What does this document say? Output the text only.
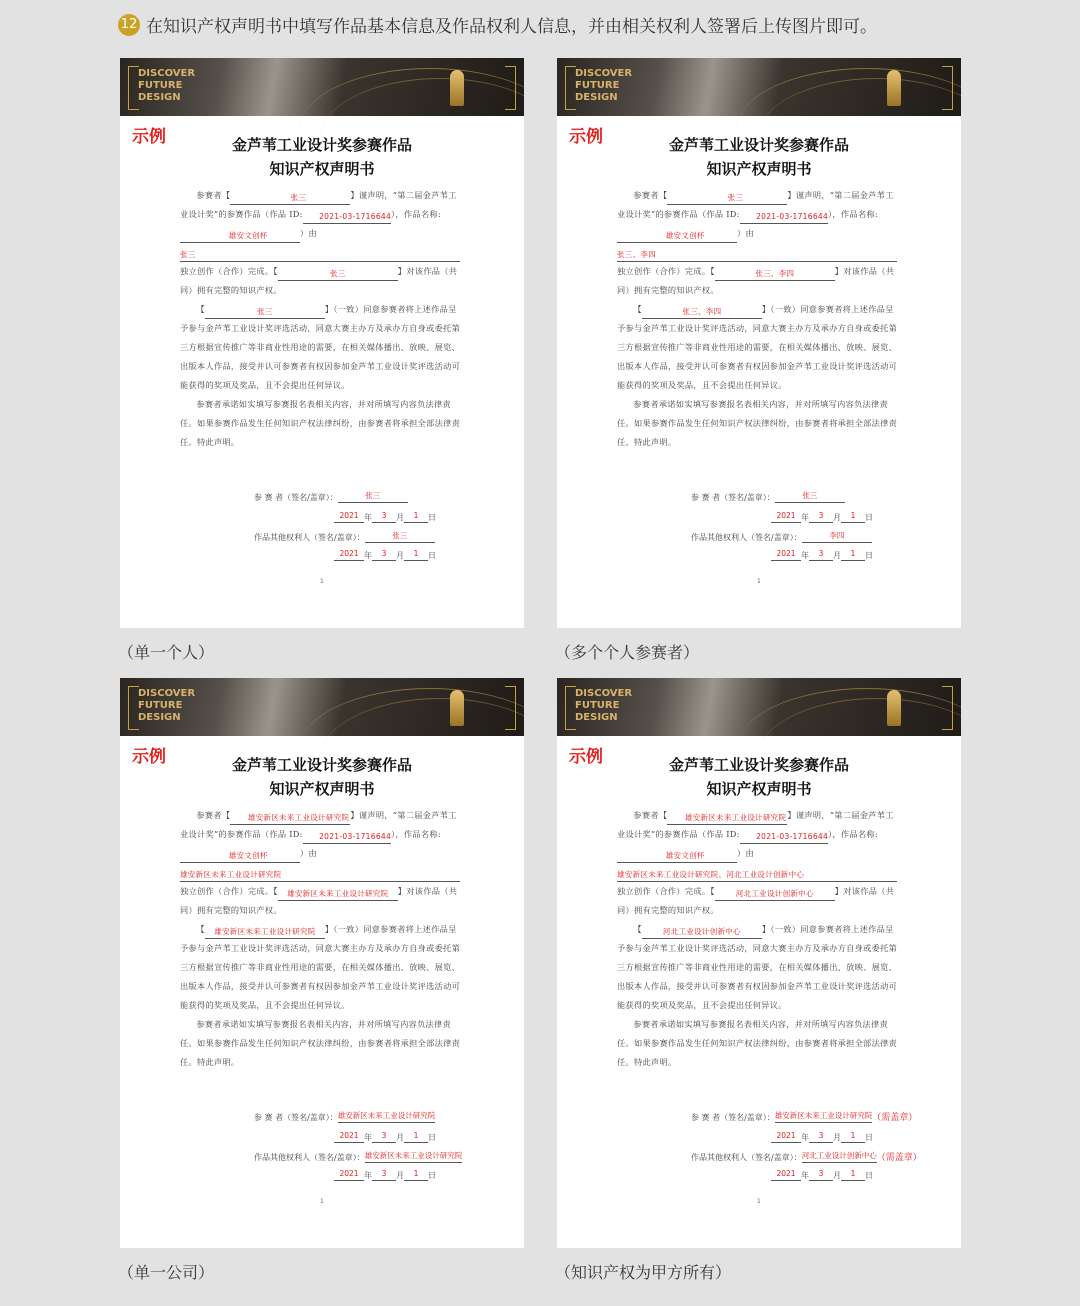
12 在知识产权声明书中填写作品基本信息及作品权利人信息，并由相关权利人签署后上传图片即可。
DISCOVER
FUTURE
DESIGN
示例	金芦苇工业设计奖参赛作品
知识产权声明书
参赛者【	张三	】谨声明，“第二届金芦苇工业设计奖”的参赛作品（作品 ID: 2021-03-1716644），作品名称:雄安文创杯	）由
张三
独立创作（合作）完成。【	张三	】对该作品（共同）拥有完整的知识产权。
【	张三	】（一致）同意参赛者将上述作品呈予参与金芦苇工业设计奖评选活动，同意大赛主办方及承办方自身或委托第三方根据宣传推广等非商业性用途的需要，在相关媒体播出、放映、展览、出版本人作品，接受并认可参赛者有权因参加金芦苇工业设计奖评选活动可能获得的奖项及奖品，且不会提出任何异议。
参赛者承诺如实填写参赛报名表相关内容，并对所填写内容负法律责任。如果参赛作品发生任何知识产权法律纠纷，由参赛者将承担全部法律责任。特此声明。
参 赛 者（签名/盖章）：	张三
2021 年 3 月 1 日
作品其他权利人（签名/盖章）：	张三
2021 年 3 月 1 日
1
（单一个人）
DISCOVER
FUTURE
DESIGN
示例	金芦苇工业设计奖参赛作品
知识产权声明书
参赛者【	张三	】谨声明，“第二届金芦苇工业设计奖”的参赛作品（作品 ID: 2021-03-1716644），作品名称:雄安文创杯	）由
张三、李四
独立创作（合作）完成。【	张三、李四	】对该作品（共同）拥有完整的知识产权。
【	张三、李四	】（一致）同意参赛者将上述作品呈予参与金芦苇工业设计奖评选活动，同意大赛主办方及承办方自身或委托第三方根据宣传推广等非商业性用途的需要，在相关媒体播出、放映、展览、出版本人作品，接受并认可参赛者有权因参加金芦苇工业设计奖评选活动可能获得的奖项及奖品，且不会提出任何异议。
参赛者承诺如实填写参赛报名表相关内容，并对所填写内容负法律责任。如果参赛作品发生任何知识产权法律纠纷，由参赛者将承担全部法律责任。特此声明。
参 赛 者（签名/盖章）：	张三
2021 年 3 月 1 日
作品其他权利人（签名/盖章）：	李四
2021 年 3 月 1 日
1
（多个个人参赛者）
DISCOVER
FUTURE
DESIGN
示例	金芦苇工业设计奖参赛作品
知识产权声明书
参赛者【 雄安新区未来工业设计研究院】谨声明，“第二届金芦苇工业设计奖”的参赛作品（作品 ID: 2021-03-1716644），作品名称:雄安文创杯	）由
雄安新区未来工业设计研究院
独立创作（合作）完成。【 雄安新区未来工业设计研究院 】对该作品（共同）拥有完整的知识产权。
【 雄安新区未来工业设计研究院 】（一致）同意参赛者将上述作品呈予参与金芦苇工业设计奖评选活动，同意大赛主办方及承办方自身或委托第三方根据宣传推广等非商业性用途的需要，在相关媒体播出、放映、展览、出版本人作品，接受并认可参赛者有权因参加金芦苇工业设计奖评选活动可能获得的奖项及奖品，且不会提出任何异议。
参赛者承诺如实填写参赛报名表相关内容，并对所填写内容负法律责任。如果参赛作品发生任何知识产权法律纠纷，由参赛者将承担全部法律责任。特此声明。
参 赛 者（签名/盖章）：雄安新区未来工业设计研究院
2021 年 3 月 1 日
作品其他权利人（签名/盖章）：雄安新区未来工业设计研究院
2021 年 3 月 1 日
1
（单一公司）
DISCOVER
FUTURE
DESIGN
示例	金芦苇工业设计奖参赛作品
知识产权声明书
参赛者【 雄安新区未来工业设计研究院】谨声明，“第二届金芦苇工业设计奖”的参赛作品（作品 ID: 2021-03-1716644），作品名称:雄安文创杯	）由
雄安新区未来工业设计研究院、河北工业设计创新中心
独立创作（合作）完成。【	河北工业设计创新中心	】对该作品（共同）拥有完整的知识产权。
【	河北工业设计创新中心	】（一致）同意参赛者将上述作品呈予参与金芦苇工业设计奖评选活动，同意大赛主办方及承办方自身或委托第三方根据宣传推广等非商业性用途的需要，在相关媒体播出、放映、展览、出版本人作品，接受并认可参赛者有权因参加金芦苇工业设计奖评选活动可能获得的奖项及奖品，且不会提出任何异议。
参赛者承诺如实填写参赛报名表相关内容，并对所填写内容负法律责任。如果参赛作品发生任何知识产权法律纠纷，由参赛者将承担全部法律责任。特此声明。
参 赛 者（签名/盖章）：雄安新区未来工业设计研究院（需盖章）
2021 年 3 月 1 日
作品其他权利人（签名/盖章）：河北工业设计创新中心（需盖章）
2021 年 3 月 1 日
1
（知识产权为甲方所有）
